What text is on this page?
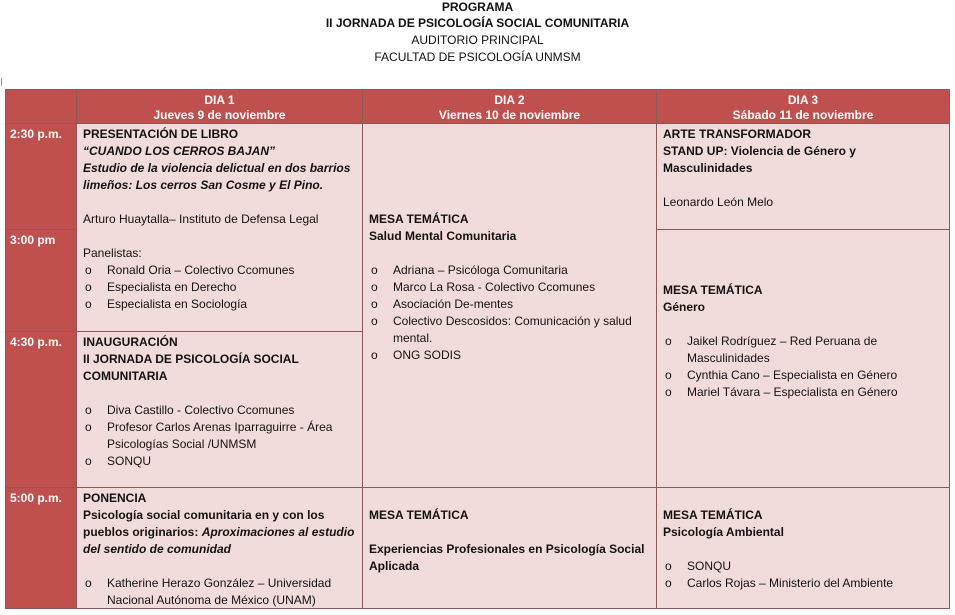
PROGRAMA
II JORNADA DE PSICOLOGÍA SOCIAL COMUNITARIA
AUDITORIO PRINCIPAL
FACULTAD DE PSICOLOGÍA UNMSM
DIA 1
Jueves 9 de noviembre
DIA 2
Viernes 10 de noviembre
DIA 3
Sábado 11 de noviembre
2:30 p.m.
3:00 pm
4:30 p.m.
5:00 p.m.
PRESENTACIÓN DE LIBRO
“CUANDO LOS CERROS BAJAN”
Estudio de la violencia delictual en dos barrios
limeños: Los cerros San Cosme y El Pino.
Arturo Huaytalla– Instituto de Defensa Legal
Panelistas:
o Ronald Oria – Colectivo Ccomunes
o Especialista en Derecho
o Especialista en Sociología
INAUGURACIÓN
II JORNADA DE PSICOLOGÍA SOCIAL
COMUNITARIA
o Diva Castillo - Colectivo Ccomunes
o Profesor Carlos Arenas Iparraguirre - Área
Psicologías Social /UNMSM
o SONQU
PONENCIA
Psicología social comunitaria en y con los
pueblos originarios: Aproximaciones al estudio
del sentido de comunidad
o Katherine Herazo González – Universidad
Nacional Autónoma de México (UNAM)
MESA TEMÁTICA
Salud Mental Comunitaria
o Adriana – Psicóloga Comunitaria
o Marco La Rosa - Colectivo Ccomunes
o Asociación De-mentes
o Colectivo Descosidos: Comunicación y salud
mental.
o ONG SODIS
MESA TEMÁTICA
Experiencias Profesionales en Psicología Social
Aplicada
ARTE TRANSFORMADOR
STAND UP: Violencia de Género y
Masculinidades
Leonardo León Melo
MESA TEMÁTICA
Género
o Jaikel Rodríguez – Red Peruana de
Masculinidades
o Cynthia Cano – Especialista en Género
o Mariel Távara – Especialista en Género
MESA TEMÁTICA
Psicología Ambiental
o SONQU
o Carlos Rojas – Ministerio del Ambiente
